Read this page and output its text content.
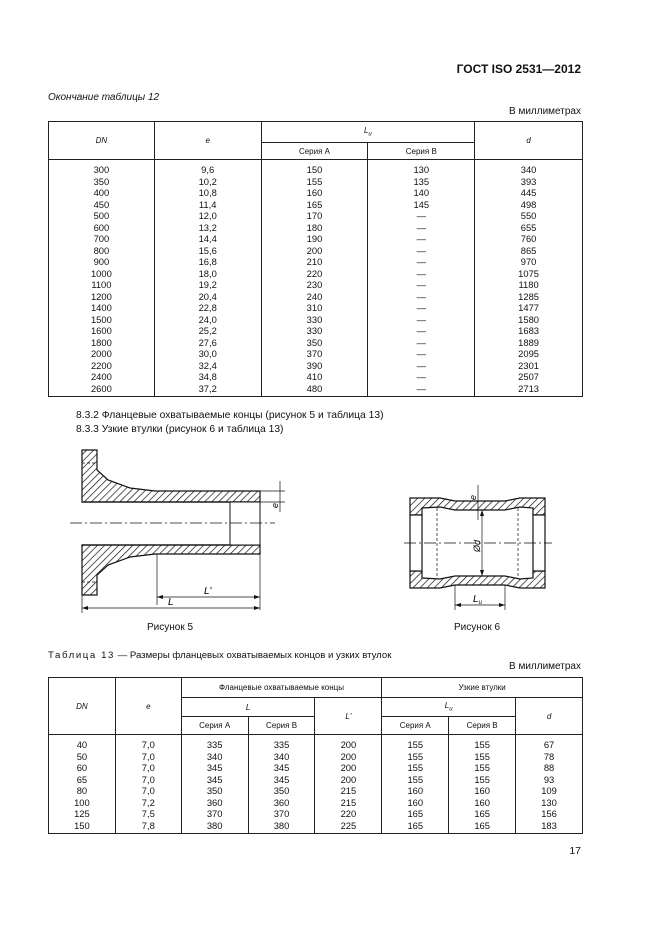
ГОСТ ISO 2531—2012
Окончание таблицы 12
В миллиметрах
DN	e	$L_u$		d
		Серия А	Серия В	
300	9,6	150	130	340
350	10,2	155	135	393
400	10,8	160	140	445
450	11,4	165	145	498
500	12,0	170	—	550
600	13,2	180	—	655
700	14,4	190	—	760
800	15,6	200	—	865
900	16,8	210	—	970
1000	18,0	220	—	1075
1100	19,2	230	—	1180
1200	20,4	240	—	1285
1400	22,8	310	—	1477
1500	24,0	330	—	1580
1600	25,2	330	—	1683
1800	27,6	350	—	1889
2000	30,0	370	—	2095
2200	32,4	390	—	2301
2400	34,8	410	—	2507
2600	37,2	480	—	2713
8.3.2 Фланцевые охватываемые концы (рисунок 5 и таблица 13)
8.3.3 Узкие втулки (рисунок 6 и таблица 13)
e
L'
L
Рисунок 5
e
Ød
$L_u$
Рисунок 6
Таблица 13 — Размеры фланцевых охватываемых концов и узких втулок
В миллиметрах
DN	e	Фланцевые охватываемые концы			Узкие втулки		
		L		L'	$L_u$		d
		Серия А	Серия В		Серия А	Серия В	
40	7,0	335	335	200	155	155	67
50	7,0	340	340	200	155	155	78
60	7,0	345	345	200	155	155	88
65	7,0	345	345	200	155	155	93
80	7,0	350	350	215	160	160	109
100	7,2	360	360	215	160	160	130
125	7,5	370	370	220	165	165	156
150	7,8	380	380	225	165	165	183
17
